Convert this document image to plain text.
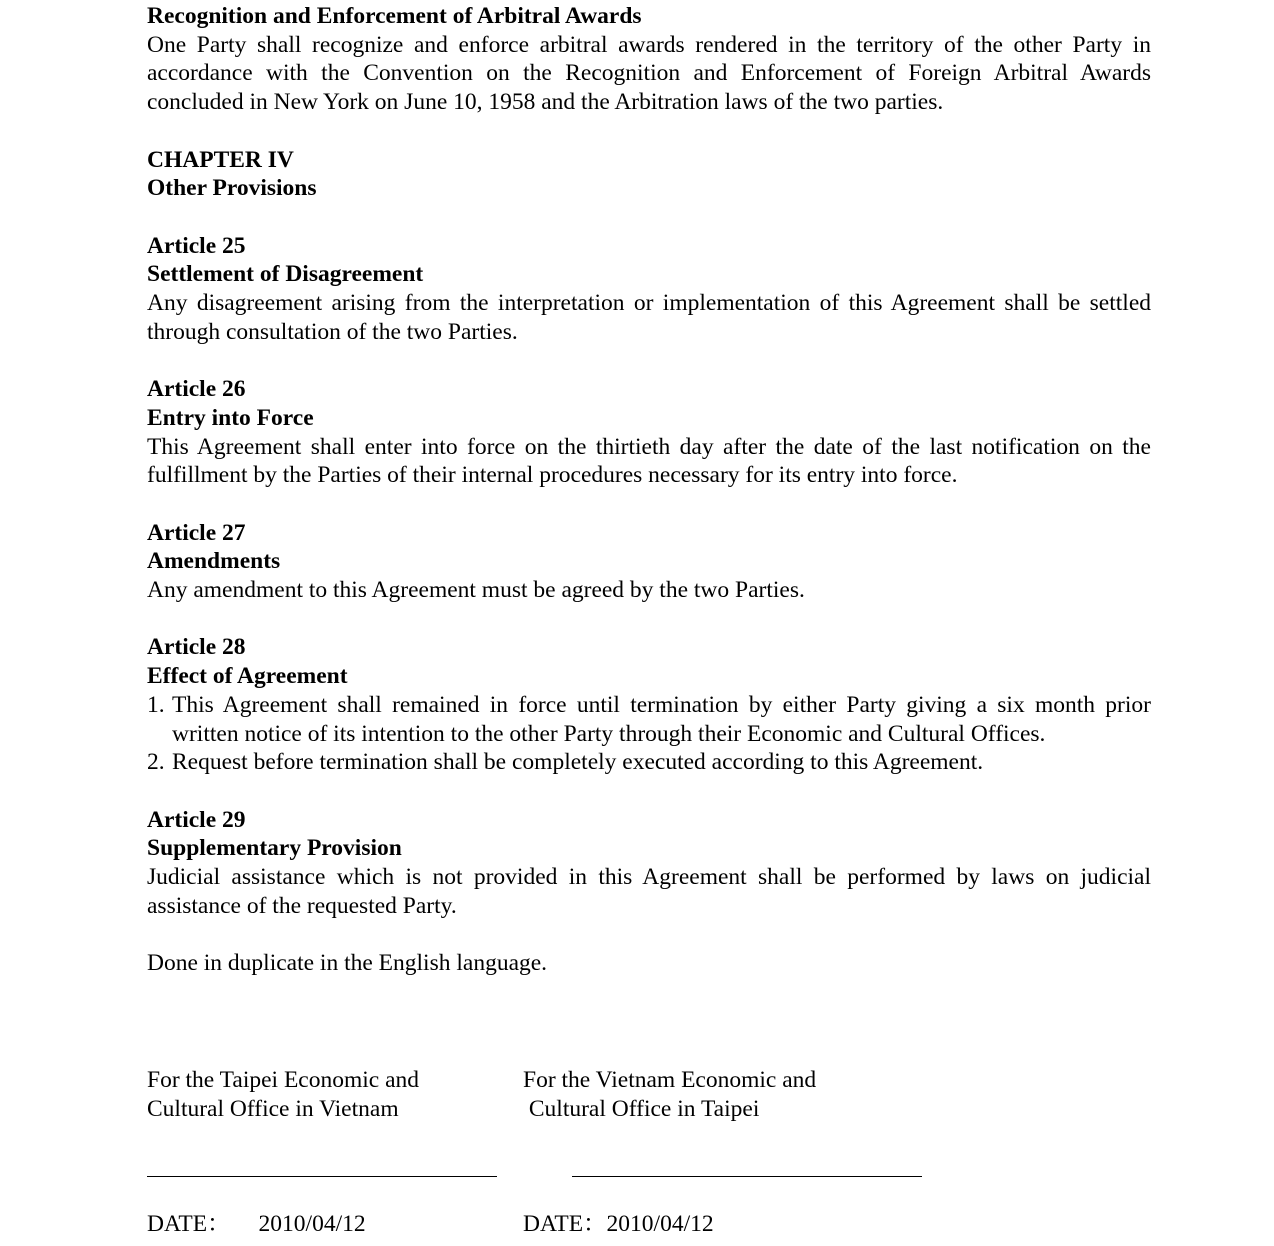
Recognition and Enforcement of Arbitral Awards
One Party shall recognize and enforce arbitral awards rendered in the territory of the other Party in accordance with the Convention on the Recognition and Enforcement of Foreign Arbitral Awards concluded in New York on June 10, 1958 and the Arbitration laws of the two parties.
CHAPTER IV
Other Provisions
Article 25
Settlement of Disagreement
Any disagreement arising from the interpretation or implementation of this Agreement shall be settled through consultation of the two Parties.
Article 26
Entry into Force
This Agreement shall enter into force on the thirtieth day after the date of the last notification on the fulfillment by the Parties of their internal procedures necessary for its entry into force.
Article 27
Amendments
Any amendment to this Agreement must be agreed by the two Parties.
Article 28
Effect of Agreement
1. This Agreement shall remained in force until termination by either Party giving a six month prior written notice of its intention to the other Party through their Economic and Cultural Offices.
2. Request before termination shall be completely executed according to this Agreement.
Article 29
Supplementary Provision
Judicial assistance which is not provided in this Agreement shall be performed by laws on judicial assistance of the requested Party.
Done in duplicate in the English language.
For the Taipei Economic and
Cultural Office in Vietnam
For the Vietnam Economic and
Cultural Office in Taipei
DATE： 2010/04/12	DATE：2010/04/12
